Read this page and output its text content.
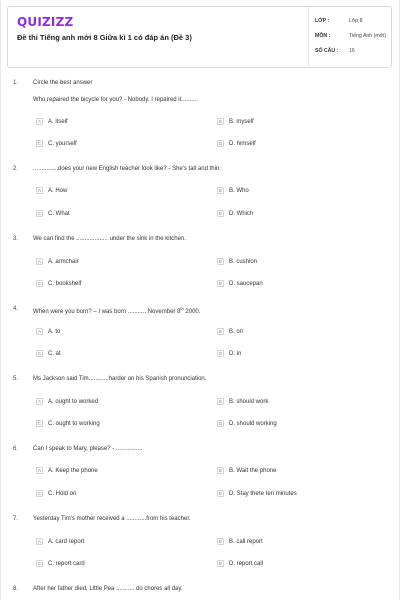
QUIZIZZ
Đề thi Tiếng anh mới 8 Giữa kì 1 có đáp án (Đề 3)
LỚP :	Lớp 8
MÔN :	Tiếng Anh (mới)
SỐ CÂU :	16
1. Circle the best answer
Who repaired the bicycle for you? - Nobody. I repaired it..........
A	A. itself	B	B. myself
C	C. yourself	D	D. himself
2. ...............does your new English teacher look like? - She's tall and thin.
A	A. How	B	B. Who
C	C. What	D	D. Which
3. We can find the ................... under the sink in the kitchen.
A	A. armchair	B	B. cushion
C	C. bookshelf	D	D. saucepan
4. When were you born? – I was born ........... November 8th 2000.
A	A. to	B	B. on
C	C. at	D	D. in
5. Ms Jackson said Tim............harder on his Spanish pronunciation.
A	A. ought to worked	B	B. should work
C	C. ought to working	D	D. should working
6. Can I speak to Mary, please? - ................
A	A. Keep the phone	B	B. Wait the phone
C	C. Hold on	D	D. Stay there ten minutes
7. Yesterday Tim's mother received a ............from his teacher.
A	A. card report	B	B. call report
C	C. report card	D	D. report call
8. After her father died, Little Pea ........... do chores all day.
